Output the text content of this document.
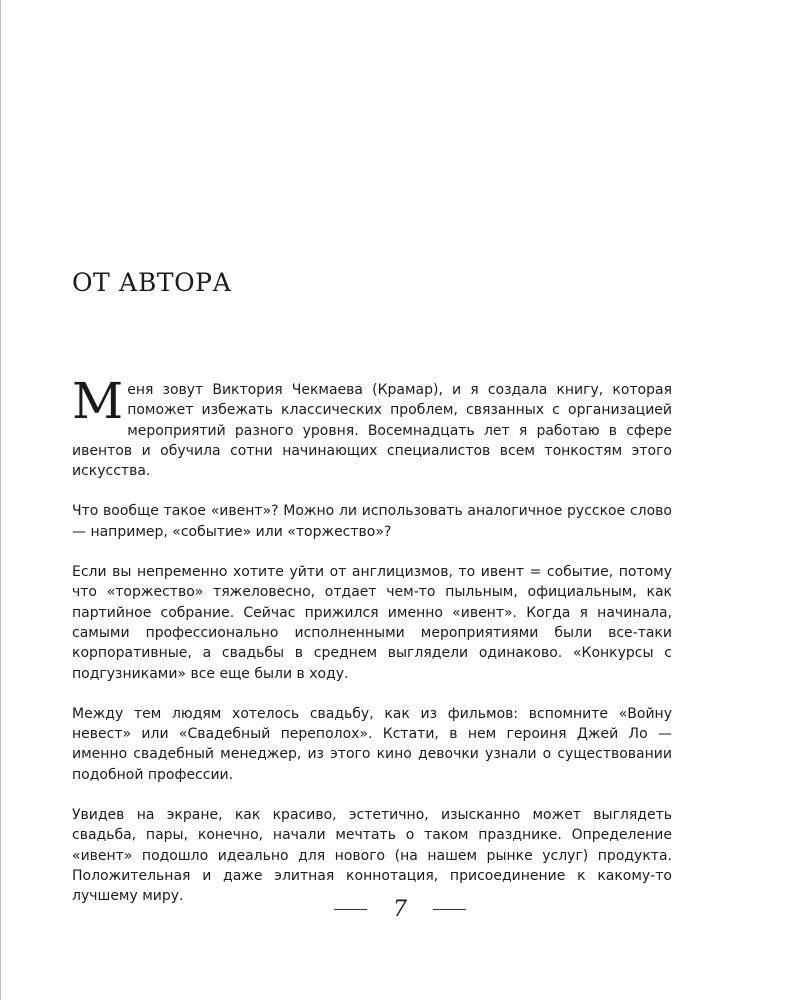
ОТ АВТОРА

Меня зовут Виктория Чекмаева (Крамар), и я создала книгу, которая поможет избежать классических проблем, связанных с организацией мероприятий разного уровня. Восемнадцать лет я работаю в сфере ивентов и обучила сотни начинающих специалистов всем тонкостям этого искусства.

Что вообще такое «ивент»? Можно ли использовать аналогичное русское слово — например, «событие» или «торжество»?

Если вы непременно хотите уйти от англицизмов, то ивент = событие, потому что «торжество» тяжеловесно, отдает чем-то пыльным, официальным, как партийное собрание. Сейчас прижился именно «ивент». Когда я начинала, самыми профессионально исполненными мероприятиями были все-таки корпоративные, а свадьбы в среднем выглядели одинаково. «Конкурсы с подгузниками» все еще были в ходу.

Между тем людям хотелось свадьбу, как из фильмов: вспомните «Войну невест» или «Свадебный переполох». Кстати, в нем героиня Джей Ло — именно свадебный менеджер, из этого кино девочки узнали о существовании подобной профессии.

Увидев на экране, как красиво, эстетично, изысканно может выглядеть свадьба, пары, конечно, начали мечтать о таком празднике. Определение «ивент» подошло идеально для нового (на нашем рынке услуг) продукта. Положительная и даже элитная коннотация, присоединение к какому-то лучшему миру.

7
